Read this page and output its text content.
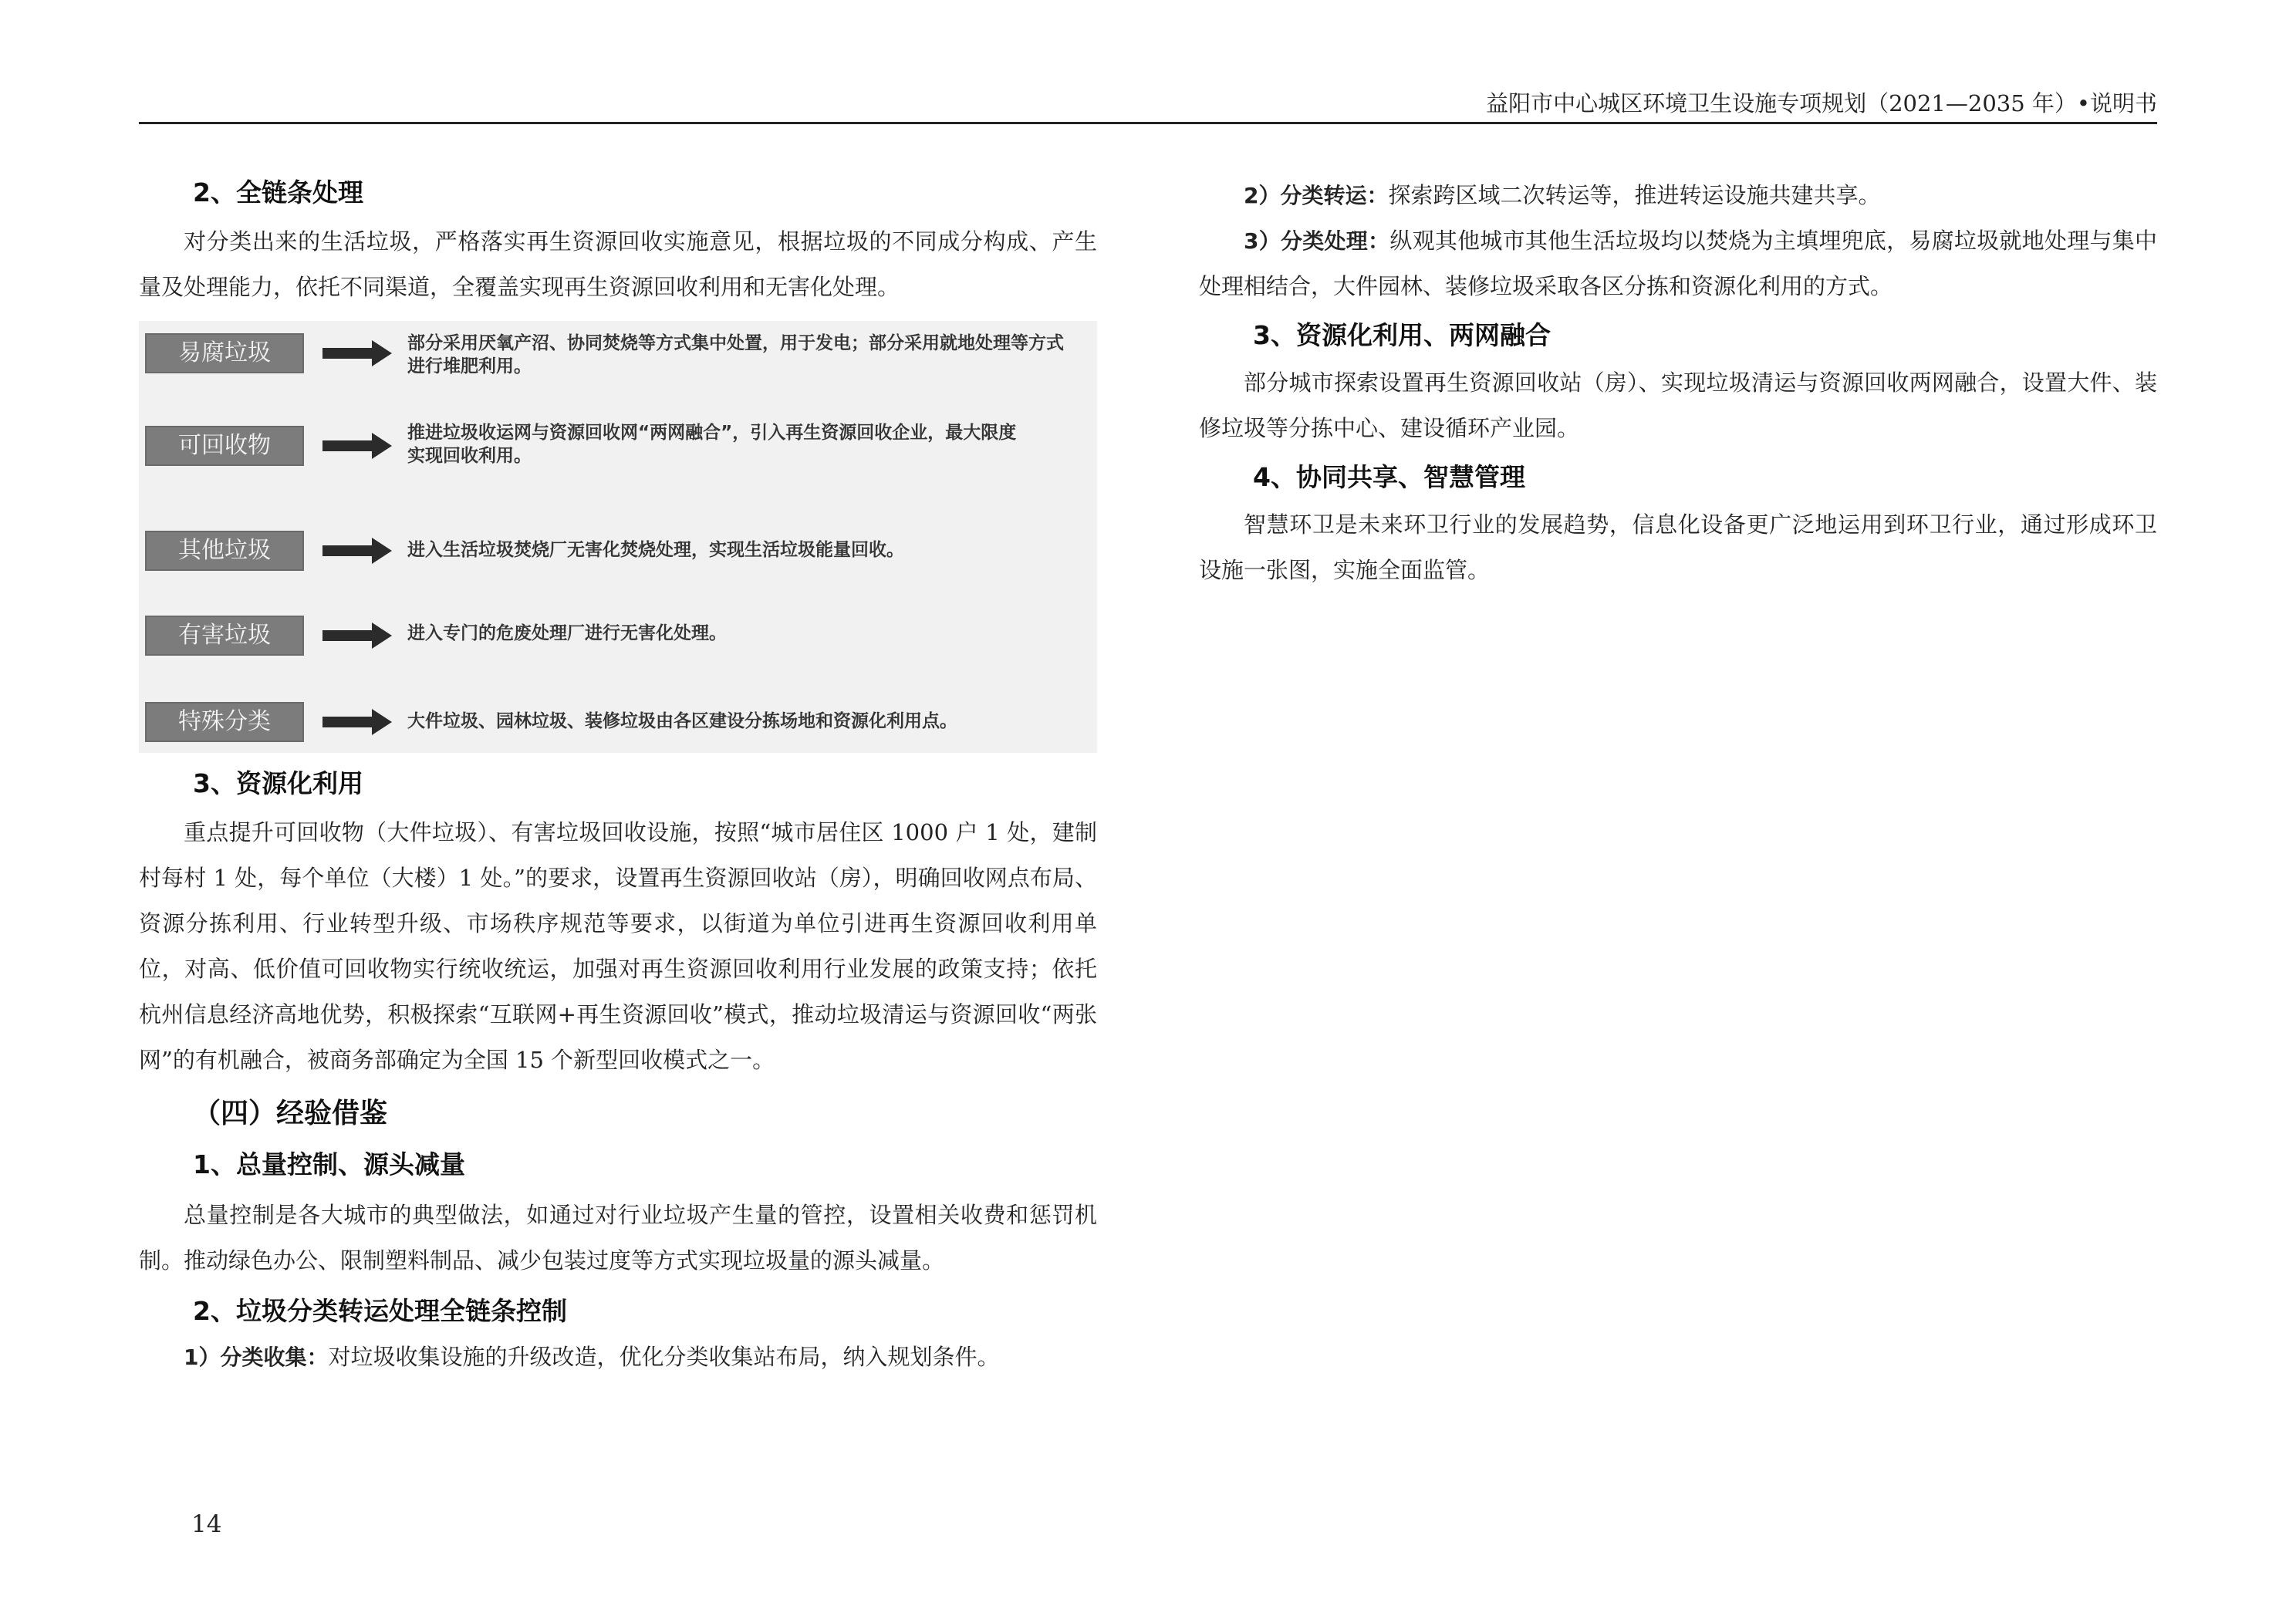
益阳市中心城区环境卫生设施专项规划（2021—2035 年）•说明书
2、全链条处理

对分类出来的生活垃圾，严格落实再生资源回收实施意见，根据垃圾的不同成分构成、产生量及处理能力，依托不同渠道，全覆盖实现再生资源回收利用和无害化处理。

易腐垃圾	部分采用厌氧产沼、协同焚烧等方式集中处置，用于发电；部分采用就地处理等方式
进行堆肥利用。
可回收物	推进垃圾收运网与资源回收网“两网融合”，引入再生资源回收企业，最大限度
实现回收利用。
其他垃圾	进入生活垃圾焚烧厂无害化焚烧处理，实现生活垃圾能量回收。
有害垃圾	进入专门的危废处理厂进行无害化处理。
特殊分类	大件垃圾、园林垃圾、装修垃圾由各区建设分拣场地和资源化利用点。
3、资源化利用

重点提升可回收物（大件垃圾）、有害垃圾回收设施，按照“城市居住区 1000 户 1 处，建制村每村 1 处，每个单位（大楼）1 处。”的要求，设置再生资源回收站（房），明确回收网点布局、资源分拣利用、行业转型升级、市场秩序规范等要求，以街道为单位引进再生资源回收利用单位，对高、低价值可回收物实行统收统运，加强对再生资源回收利用行业发展的政策支持；依托杭州信息经济高地优势，积极探索“互联网+再生资源回收”模式，推动垃圾清运与资源回收“两张网”的有机融合，被商务部确定为全国 15 个新型回收模式之一。

（四）经验借鉴
1、总量控制、源头减量

总量控制是各大城市的典型做法，如通过对行业垃圾产生量的管控，设置相关收费和惩罚机制。推动绿色办公、限制塑料制品、减少包装过度等方式实现垃圾量的源头减量。

2、垃圾分类转运处理全链条控制

1）分类收集：对垃圾收集设施的升级改造，优化分类收集站布局，纳入规划条件。

2）分类转运：探索跨区域二次转运等，推进转运设施共建共享。

3）分类处理：纵观其他城市其他生活垃圾均以焚烧为主填埋兜底，易腐垃圾就地处理与集中处理相结合，大件园林、装修垃圾采取各区分拣和资源化利用的方式。

3、资源化利用、两网融合

部分城市探索设置再生资源回收站（房）、实现垃圾清运与资源回收两网融合，设置大件、装修垃圾等分拣中心、建设循环产业园。

4、协同共享、智慧管理

智慧环卫是未来环卫行业的发展趋势，信息化设备更广泛地运用到环卫行业，通过形成环卫设施一张图，实施全面监管。

14
